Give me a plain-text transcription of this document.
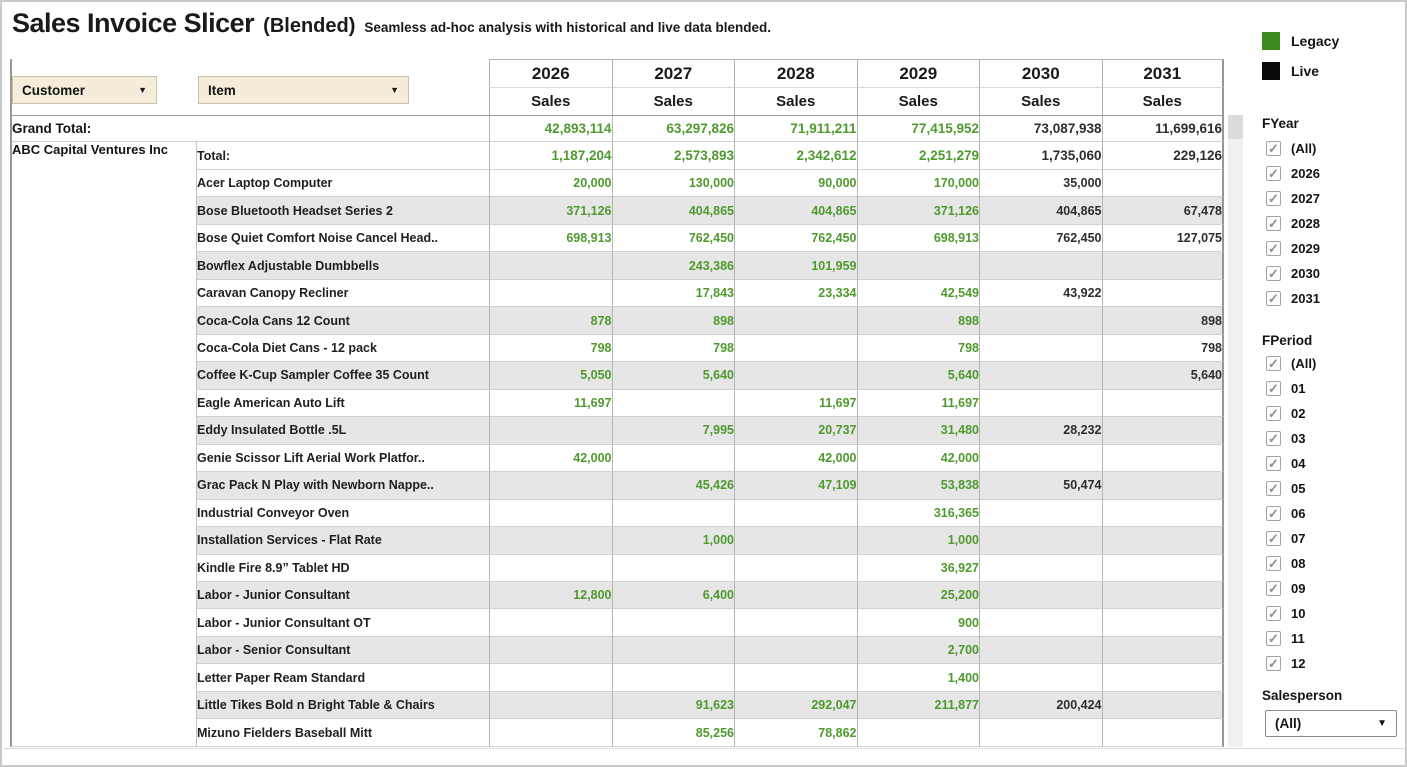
Sales Invoice Slicer (Blended) Seamless ad-hoc analysis with historical and live data blended.
Customer	▼	Item	▼
		2026	2027	2028	2029	2030	2031
		Sales	Sales	Sales	Sales	Sales	Sales
Grand Total:		42,893,114	63,297,826	71,911,211	77,415,952	73,087,938	11,699,616
ABC Capital Ventures Inc	Total:	1,187,204	2,573,893	2,342,612	2,251,279	1,735,060	229,126
	Acer Laptop Computer	20,000	130,000	90,000	170,000	35,000	
	Bose Bluetooth Headset Series 2	371,126	404,865	404,865	371,126	404,865	67,478
	Bose Quiet Comfort Noise Cancel Head..	698,913	762,450	762,450	698,913	762,450	127,075
	Bowflex Adjustable Dumbbells		243,386	101,959			
	Caravan Canopy Recliner		17,843	23,334	42,549	43,922	
	Coca-Cola Cans 12 Count	878	898		898		898
	Coca-Cola Diet Cans - 12 pack	798	798		798		798
	Coffee K-Cup Sampler Coffee 35 Count	5,050	5,640		5,640		5,640
	Eagle American Auto Lift	11,697		11,697	11,697		
	Eddy Insulated Bottle .5L		7,995	20,737	31,480	28,232	
	Genie Scissor Lift Aerial Work Platfor..	42,000		42,000	42,000		
	Grac Pack N Play with Newborn Nappe..		45,426	47,109	53,838	50,474	
	Industrial Conveyor Oven				316,365		
	Installation Services - Flat Rate		1,000		1,000		
	Kindle Fire 8.9” Tablet HD				36,927		
	Labor - Junior Consultant	12,800	6,400		25,200		
	Labor - Junior Consultant OT				900		
	Labor - Senior Consultant				2,700		
	Letter Paper Ream Standard				1,400		
	Little Tikes Bold n Bright Table & Chairs		91,623	292,047	211,877	200,424	
	Mizuno Fielders Baseball Mitt		85,256	78,862			
Legacy
Live
FYear
✓ (All)
✓ 2026
✓ 2027
✓ 2028
✓ 2029
✓ 2030
✓ 2031
FPeriod
✓ (All)
✓ 01
✓ 02
✓ 03
✓ 04
✓ 05
✓ 06
✓ 07
✓ 08
✓ 09
✓ 10
✓ 11
✓ 12
Salesperson
(All)	▼
